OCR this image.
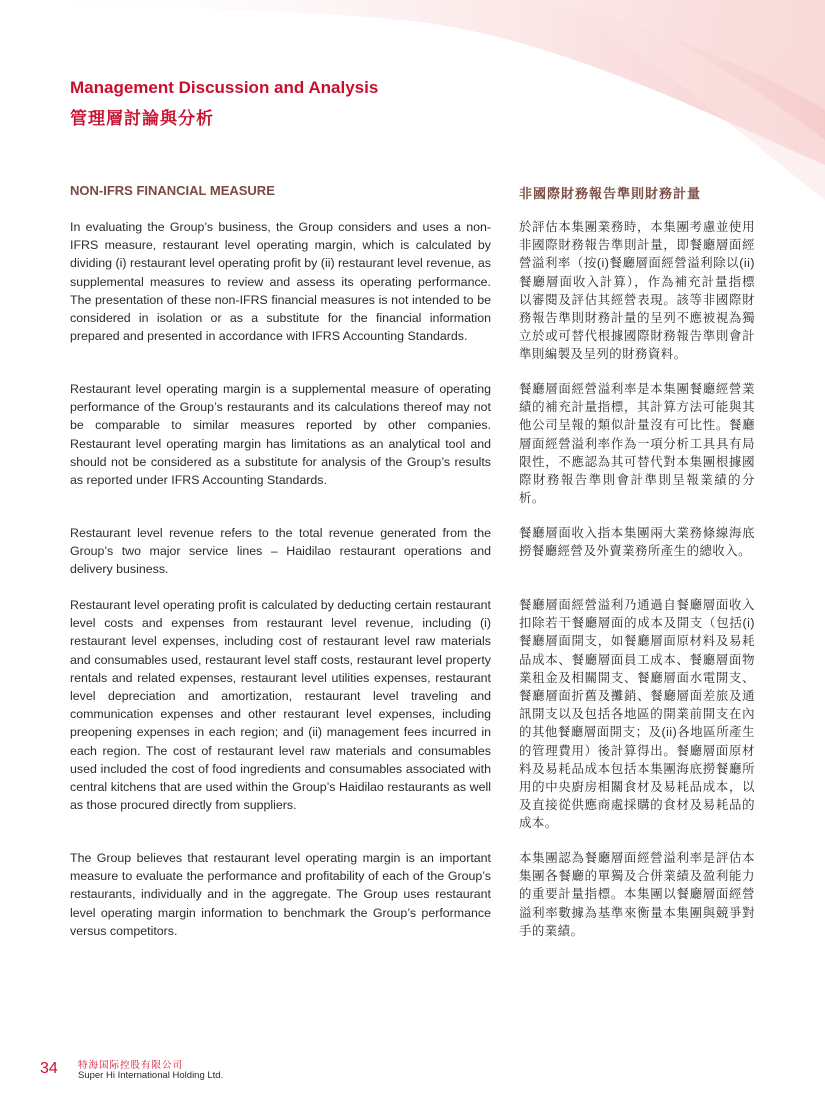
Management Discussion and Analysis
管理層討論與分析
NON-IFRS FINANCIAL MEASURE	非國際財務報告準則財務計量

In evaluating the Group’s business, the Group considers and uses a non-IFRS measure, restaurant level operating margin, which is calculated by dividing (i) restaurant level operating profit by (ii) restaurant level revenue, as supplemental measures to review and assess its operating performance. The presentation of these non-IFRS financial measures is not intended to be considered in isolation or as a substitute for the financial information prepared and presented in accordance with IFRS Accounting Standards.

Restaurant level operating margin is a supplemental measure of operating performance of the Group’s restaurants and its calculations thereof may not be comparable to similar measures reported by other companies. Restaurant level operating margin has limitations as an analytical tool and should not be considered as a substitute for analysis of the Group’s results as reported under IFRS Accounting Standards.

Restaurant level revenue refers to the total revenue generated from the Group’s two major service lines – Haidilao restaurant operations and delivery business.

Restaurant level operating profit is calculated by deducting certain restaurant level costs and expenses from restaurant level revenue, including (i) restaurant level expenses, including cost of restaurant level raw materials and consumables used, restaurant level staff costs, restaurant level property rentals and related expenses, restaurant level utilities expenses, restaurant level depreciation and amortization, restaurant level traveling and communication expenses and other restaurant level expenses, including preopening expenses in each region; and (ii) management fees incurred in each region. The cost of restaurant level raw materials and consumables used included the cost of food ingredients and consumables associated with central kitchens that are used within the Group’s Haidilao restaurants as well as those procured directly from suppliers.

The Group believes that restaurant level operating margin is an important measure to evaluate the performance and profitability of each of the Group’s restaurants, individually and in the aggregate. The Group uses restaurant level operating margin information to benchmark the Group’s performance versus competitors.

於評估本集團業務時，本集團考慮並使用非國際財務報告準則計量，即餐廳層面經營溢利率（按(i)餐廳層面經營溢利除以(ii)餐廳層面收入計算），作為補充計量指標以審閱及評估其經營表現。該等非國際財務報告準則財務計量的呈列不應被視為獨立於或可替代根據國際財務報告準則會計準則編製及呈列的財務資料。

餐廳層面經營溢利率是本集團餐廳經營業績的補充計量指標，其計算方法可能與其他公司呈報的類似計量沒有可比性。餐廳層面經營溢利率作為一項分析工具具有局限性，不應認為其可替代對本集團根據國際財務報告準則會計準則呈報業績的分析。

餐廳層面收入指本集團兩大業務條線海底撈餐廳經營及外賣業務所產生的總收入。

餐廳層面經營溢利乃通過自餐廳層面收入扣除若干餐廳層面的成本及開支（包括(i)餐廳層面開支，如餐廳層面原材料及易耗品成本、餐廳層面員工成本、餐廳層面物業租金及相關開支、餐廳層面水電開支、餐廳層面折舊及攤銷、餐廳層面差旅及通訊開支以及包括各地區的開業前開支在內的其他餐廳層面開支；及(ii)各地區所產生的管理費用）後計算得出。餐廳層面原材料及易耗品成本包括本集團海底撈餐廳所用的中央廚房相關食材及易耗品成本，以及直接從供應商處採購的食材及易耗品的成本。

本集團認為餐廳層面經營溢利率是評估本集團各餐廳的單獨及合併業績及盈利能力的重要計量指標。本集團以餐廳層面經營溢利率數據為基準來衡量本集團與競爭對手的業績。

34 特海国际控股有限公司
Super Hi International Holding Ltd.
